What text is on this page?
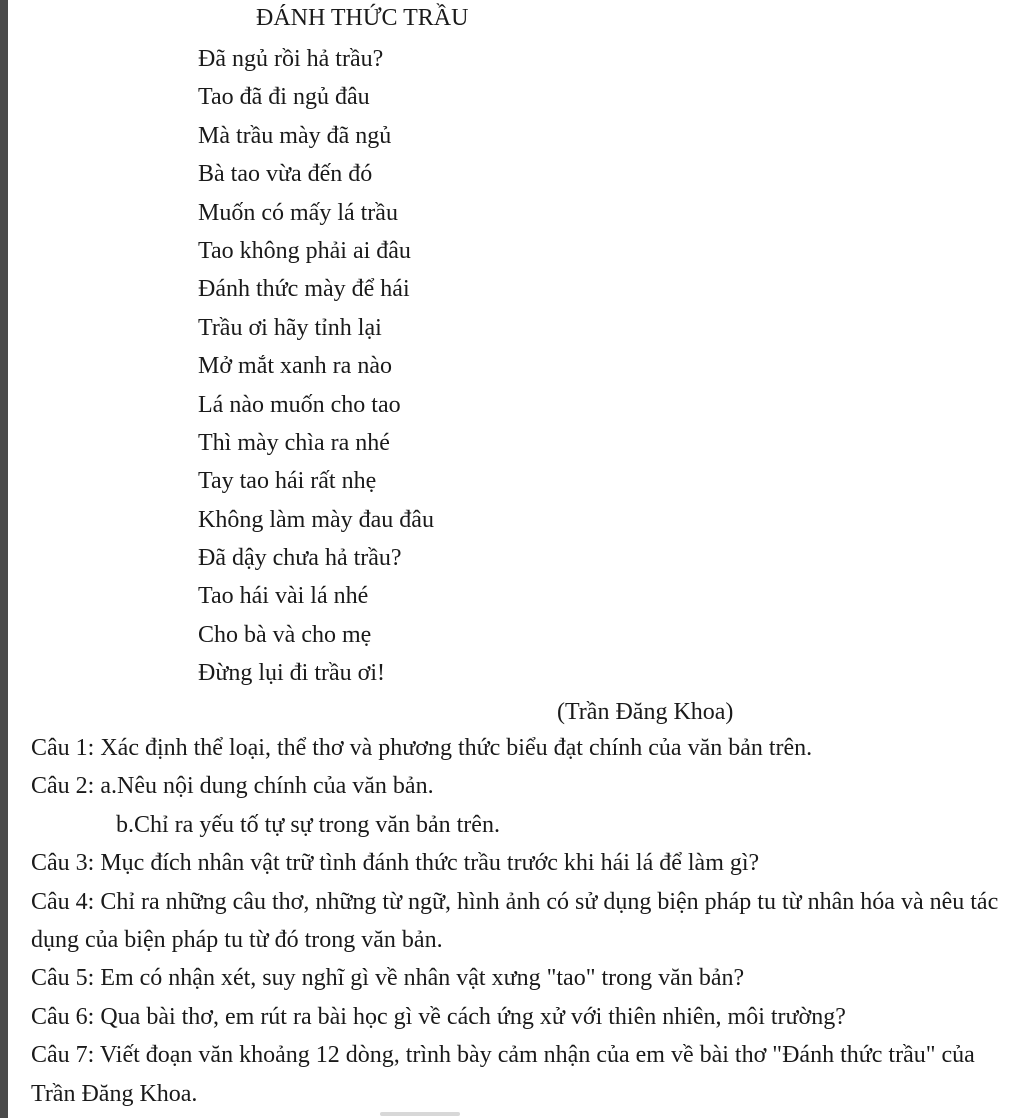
ĐÁNH THỨC TRẦU
Đã ngủ rồi hả trầu?
Tao đã đi ngủ đâu
Mà trầu mày đã ngủ
Bà tao vừa đến đó
Muốn có mấy lá trầu
Tao không phải ai đâu
Đánh thức mày để hái
Trầu ơi hãy tỉnh lại
Mở mắt xanh ra nào
Lá nào muốn cho tao
Thì mày chìa ra nhé
Tay tao hái rất nhẹ
Không làm mày đau đâu
Đã dậy chưa hả trầu?
Tao hái vài lá nhé
Cho bà và cho mẹ
Đừng lụi đi trầu ơi!
(Trần Đăng Khoa)
Câu 1: Xác định thể loại, thể thơ và phương thức biểu đạt chính của văn bản trên.
Câu 2: a.Nêu nội dung chính của văn bản.
b.Chỉ ra yếu tố tự sự trong văn bản trên.
Câu 3: Mục đích nhân vật trữ tình đánh thức trầu trước khi hái lá để làm gì?
Câu 4: Chỉ ra những câu thơ, những từ ngữ, hình ảnh có sử dụng biện pháp tu từ nhân hóa và nêu tác dụng của biện pháp tu từ đó trong văn bản.
Câu 5: Em có nhận xét, suy nghĩ gì về nhân vật xưng "tao" trong văn bản?
Câu 6: Qua bài thơ, em rút ra bài học gì về cách ứng xử với thiên nhiên, môi trường?
Câu 7: Viết đoạn văn khoảng 12 dòng, trình bày cảm nhận của em về bài thơ "Đánh thức trầu" của Trần Đăng Khoa.
